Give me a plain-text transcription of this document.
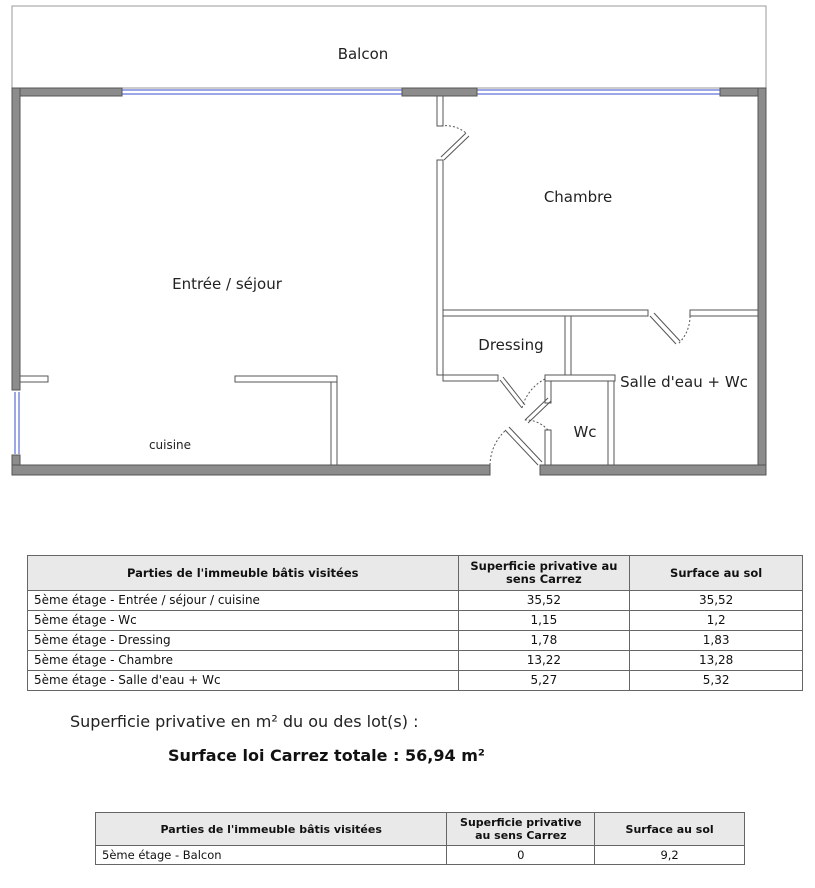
Balcon
Entrée / séjour
Chambre
Dressing
Salle d'eau + Wc
Wc
cuisine
Parties de l'immeuble bâtis visitées	Superficie privative au sens Carrez	Surface au sol
5ème étage - Entrée / séjour / cuisine	35,52	35,52
5ème étage - Wc	1,15	1,2
5ème étage - Dressing	1,78	1,83
5ème étage - Chambre	13,22	13,28
5ème étage - Salle d'eau + Wc	5,27	5,32
Superficie privative en m² du ou des lot(s) :
Surface loi Carrez totale : 56,94 m²
Parties de l'immeuble bâtis visitées	Superficie privative au sens Carrez	Surface au sol
5ème étage - Balcon	0	9,2
